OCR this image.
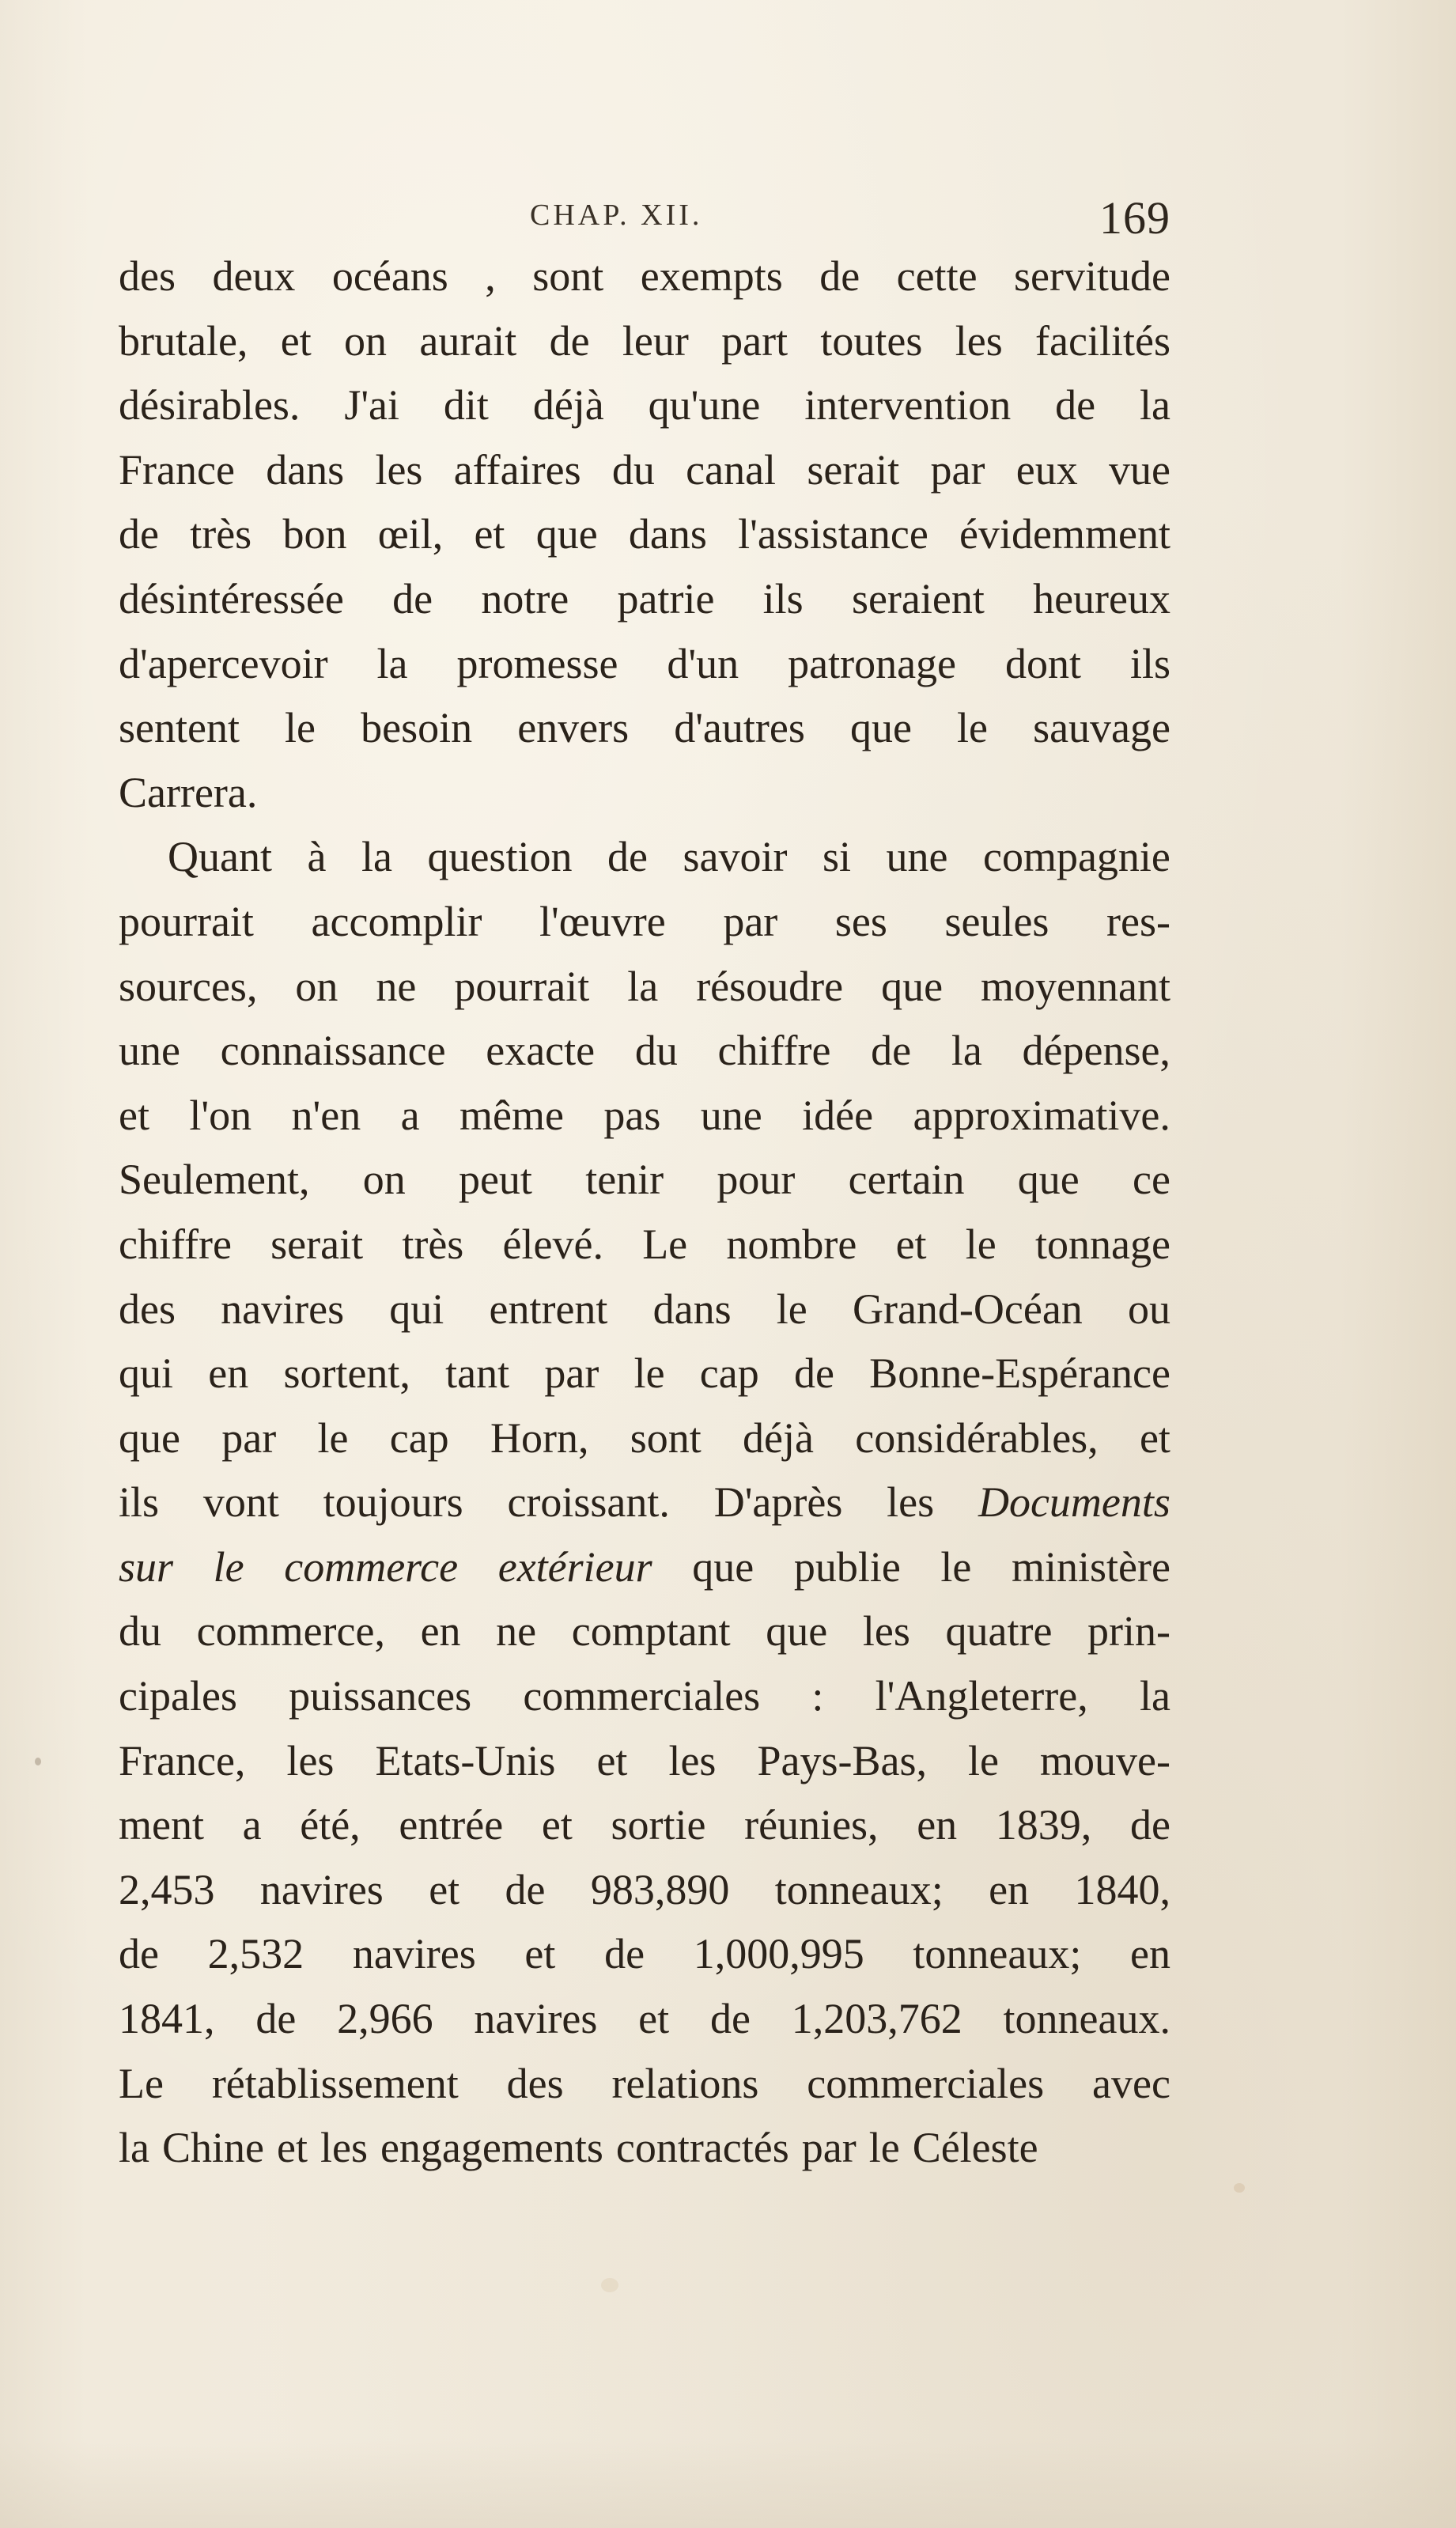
CHAP. XII.	169
des deux océans , sont exempts de cette servitude
brutale, et on aurait de leur part toutes les facilités
désirables. J'ai dit déjà qu'une intervention de la
France dans les affaires du canal serait par eux vue
de très bon œil, et que dans l'assistance évidemment
désintéressée de notre patrie ils seraient heureux
d'apercevoir la promesse d'un patronage dont ils
sentent le besoin envers d'autres que le sauvage
Carrera.
Quant à la question de savoir si une compagnie
pourrait accomplir l'œuvre par ses seules res-
sources, on ne pourrait la résoudre que moyennant
une connaissance exacte du chiffre de la dépense,
et l'on n'en a même pas une idée approximative.
Seulement, on peut tenir pour certain que ce
chiffre serait très élevé. Le nombre et le tonnage
des navires qui entrent dans le Grand-Océan ou
qui en sortent, tant par le cap de Bonne-Espérance
que par le cap Horn, sont déjà considérables, et
ils vont toujours croissant. D'après les Documents
sur le commerce extérieur que publie le ministère
du commerce, en ne comptant que les quatre prin-
cipales puissances commerciales : l'Angleterre, la
France, les Etats-Unis et les Pays-Bas, le mouve-
ment a été, entrée et sortie réunies, en 1839, de
2,453 navires et de 983,890 tonneaux; en 1840,
de 2,532 navires et de 1,000,995 tonneaux; en
1841, de 2,966 navires et de 1,203,762 tonneaux.
Le rétablissement des relations commerciales avec
la Chine et les engagements contractés par le Céleste
